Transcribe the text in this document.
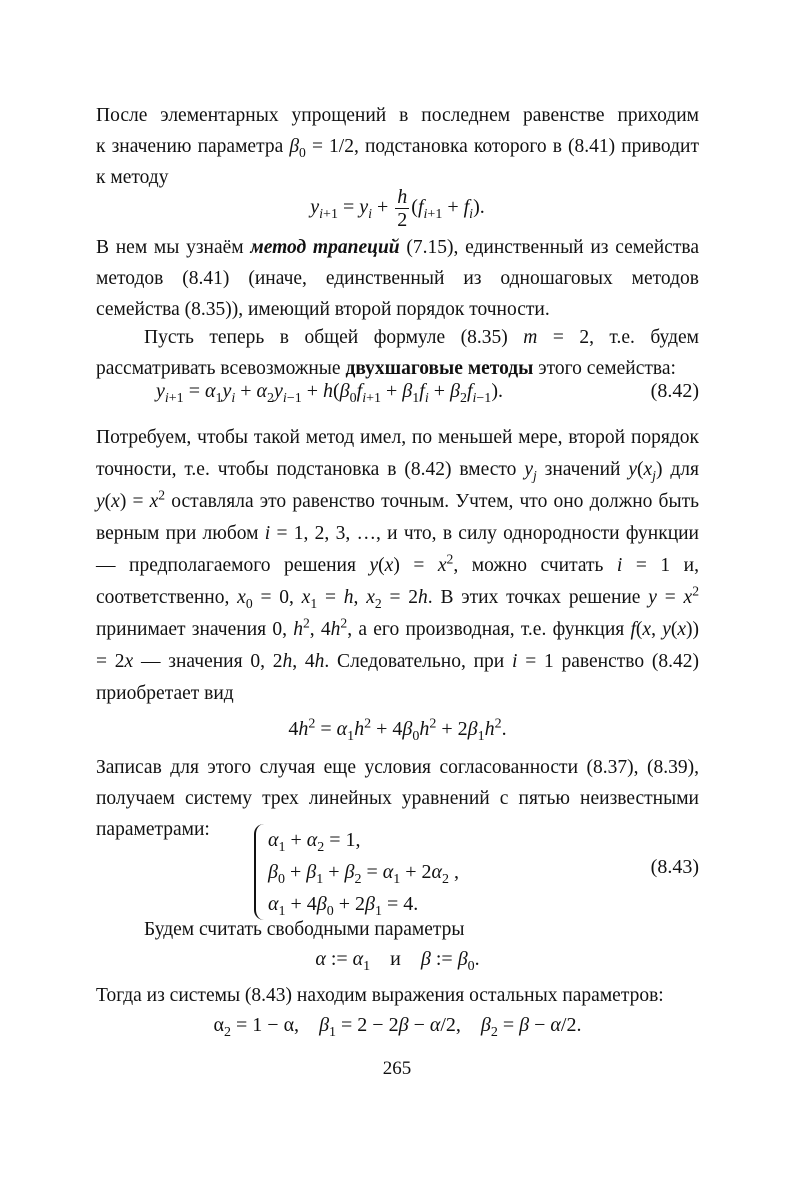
После элементарных упрощений в последнем равенстве приходим к значению параметра $\beta_0 = 1/2$, подстановка которого в (8.41) приводит к методу

$y_{i+1} = y_i + \frac{h}{2} (f_{i+1} + f_i)$.

В нем мы узнаём метод трапеций (7.15), единственный из семейства методов (8.41) (иначе, единственный из одношаговых методов семейства (8.35)), имеющий второй порядок точности.

Пусть теперь в общей формуле (8.35) m = 2, т.е. будем рассматривать всевозможные двухшаговые методы этого семейства:

$y_{i+1} = \alpha_1y_i + \alpha_2y_{i-1} + h(\beta_0f_{i+1} + \beta_1f_i + \beta_2f_{i-1})$.	(8.42)

Потребуем, чтобы такой метод имел, по меньшей мере, второй порядок точности, т.е. чтобы подстановка в (8.42) вместо $y_j$ значений $y(x_j)$ для $y(x) = x^2$ оставляла это равенство точным. Учтем, что оно должно быть верным при любом i = 1, 2, 3, …, и что, в силу однородности функции — предполагаемого решения $y(x) = x^2$, можно считать i = 1 и, соответственно, $x_0 = 0$, $x_1 = h$, $x_2 = 2h$. В этих точках решение $y = x^2$ принимает значения 0, $h^2$, $4h^2$, а его производная, т.е. функция f(x, y(x)) = 2x — значения 0, 2h, 4h. Следовательно, при i = 1 равенство (8.42) приобретает вид

$4h^2 = \alpha_1h^2 + 4\beta_0h^2 + 2\beta_1h^2$.

Записав для этого случая еще условия согласованности (8.37), (8.39), получаем систему трех линейных уравнений с пятью неизвестными параметрами:	$\alpha_1 + \alpha_2 = 1$,
$\beta_0 + \beta_1 + \beta_2 = \alpha_1 + 2\alpha_2$ ,
$\alpha_1 + 4\beta_0 + 2\beta_1 = 4$.
(8.43)

Будем считать свободными параметры

α := $\alpha_1$    и    β := $\beta_0$.

Тогда из системы (8.43) находим выражения остальных параметров:

$\alpha_2 = 1 - \alpha$,    $\beta_1 = 2 - 2\beta - \alpha/2$,    $\beta_2 = \beta - \alpha/2$.
265
